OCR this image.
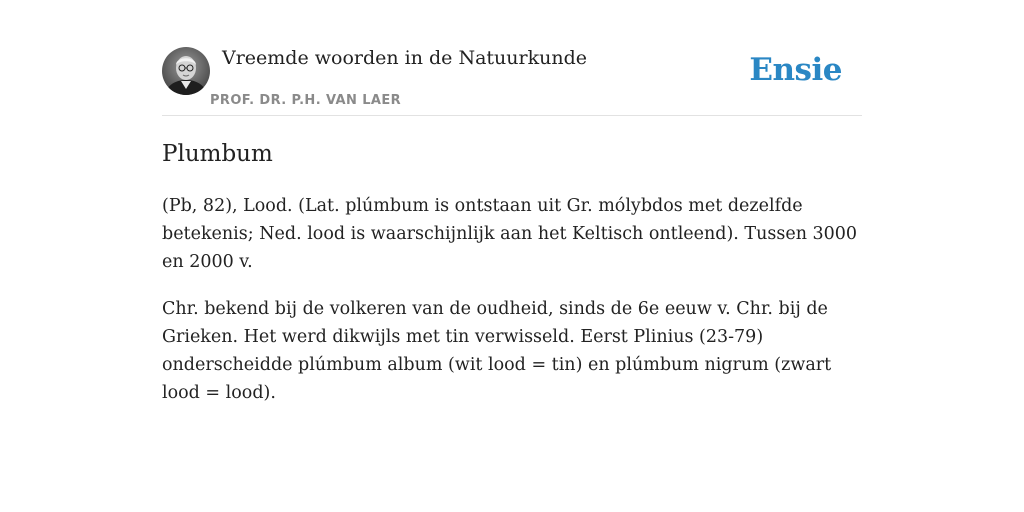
Vreemde woorden in de Natuurkunde
PROF. DR. P.H. VAN LAER
Ensie
Plumbum

(Pb, 82), Lood. (Lat. plúmbum is ontstaan uit Gr. mólybdos met dezelfde betekenis; Ned. lood is waarschijnlijk aan het Keltisch ontleend). Tussen 3000 en 2000 v.

Chr. bekend bij de volkeren van de oudheid, sinds de 6e eeuw v. Chr. bij de Grieken. Het werd dikwijls met tin verwisseld. Eerst Plinius (23-79) onderscheidde plúmbum album (wit lood = tin) en plúmbum nigrum (zwart lood = lood).
